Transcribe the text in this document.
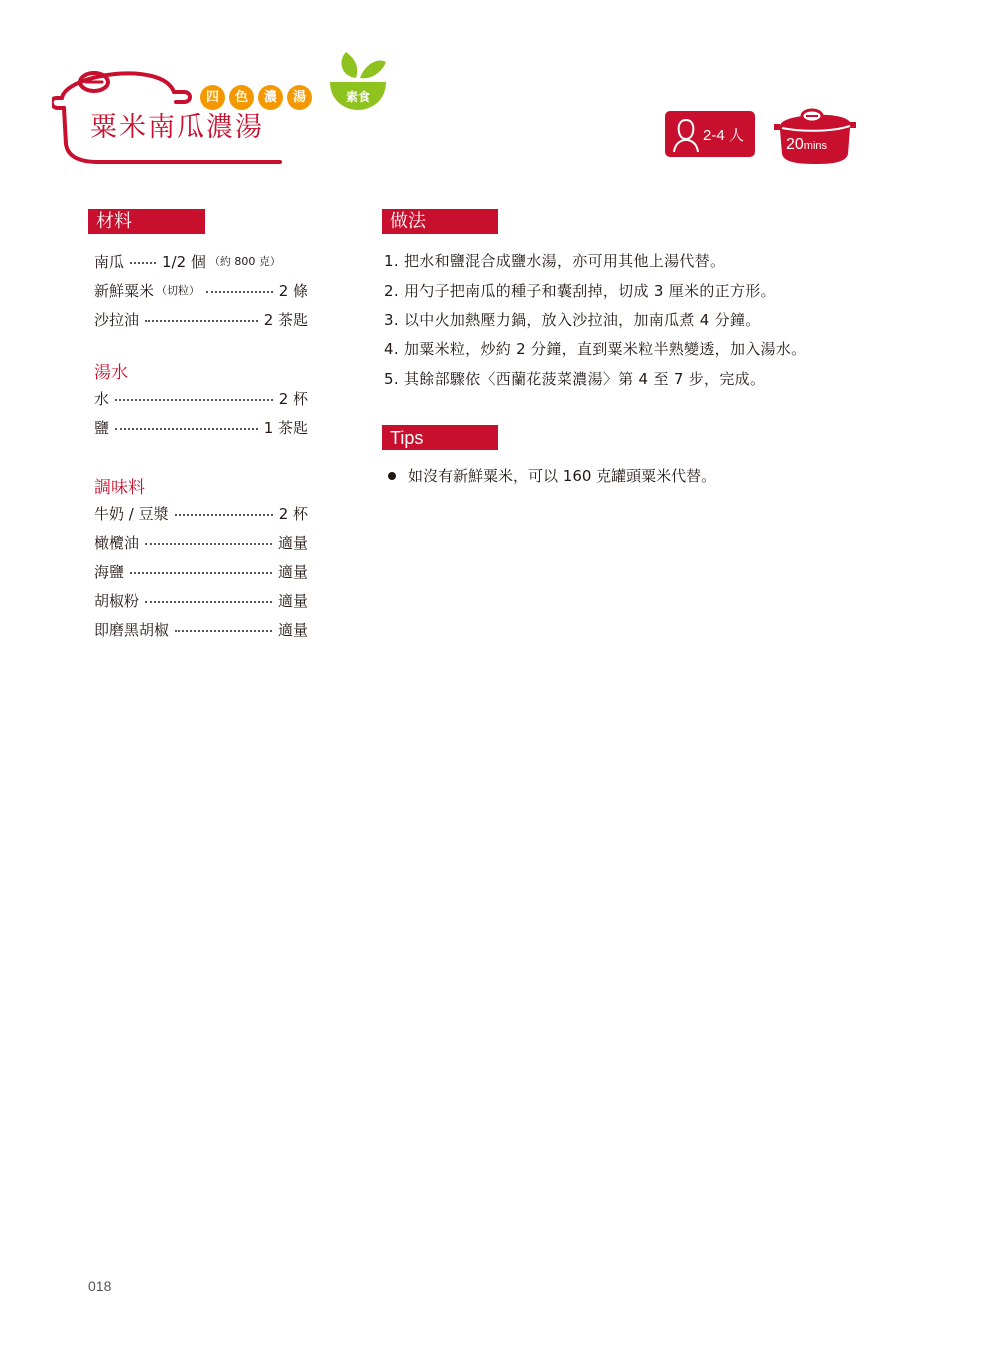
粟米南瓜濃湯
四	色	濃	湯	素食
2-4 人
20mins
材料
南瓜	1/2 個 （約 800 克）
新鮮粟米 （切粒）	2 條
沙拉油	2 茶匙
湯水
水	2 杯
鹽	1 茶匙
調味料
牛奶 / 豆漿	2 杯
橄欖油	適量
海鹽	適量
胡椒粉	適量
即磨黑胡椒	適量
做法
1. 把水和鹽混合成鹽水湯，亦可用其他上湯代替。
2. 用勺子把南瓜的種子和囊刮掉，切成 3 厘米的正方形。
3. 以中火加熱壓力鍋，放入沙拉油，加南瓜煮 4 分鐘。
4. 加粟米粒，炒約 2 分鐘，直到粟米粒半熟變透，加入湯水。
5. 其餘部驟依〈西蘭花菠菜濃湯〉第 4 至 7 步，完成。
Tips
如沒有新鮮粟米，可以 160 克罐頭粟米代替。
018
